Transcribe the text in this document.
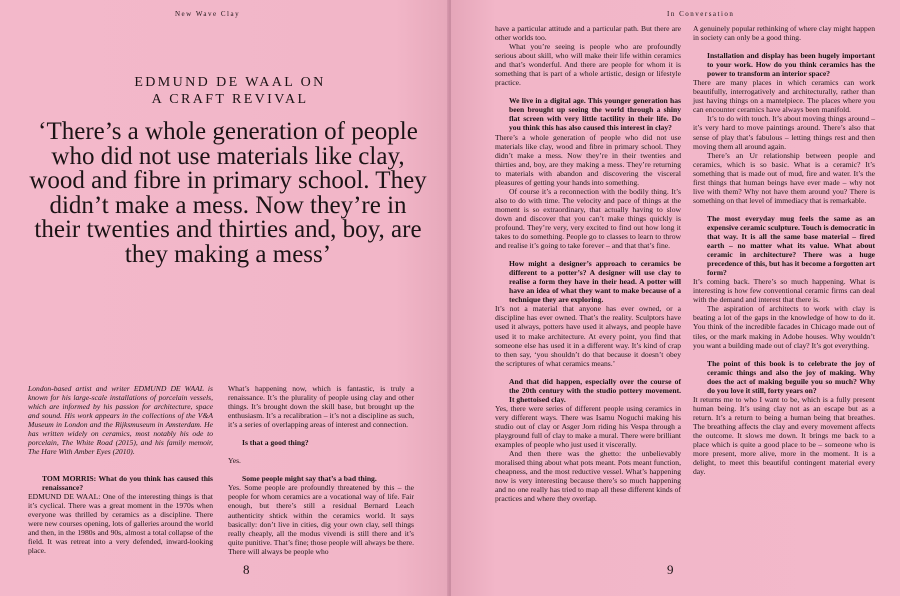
New Wave Clay
EDMUND DE WAAL ON
A CRAFT REVIVAL
‘There’s a whole generation of people who did not use materials like clay, wood and fibre in primary school. They didn’t make a mess. Now they’re in their twenties and thirties and, boy, are they making a mess’
London-based artist and writer EDMUND DE WAAL is known for his large-scale installations of porcelain vessels, which are informed by his passion for architecture, space and sound. His work appears in the collections of the V&A Museum in London and the Rijksmuseum in Amsterdam. He has written widely on ceramics, most notably his ode to porcelain, The White Road (2015), and his family memoir, The Hare With Amber Eyes (2010).

TOM MORRIS: What do you think has caused this renaissance?

EDMUND DE WAAL: One of the interesting things is that it’s cyclical. There was a great moment in the 1970s when everyone was thrilled by ceramics as a discipline. There were new courses opening, lots of galleries around the world and then, in the 1980s and 90s, almost a total collapse of the field. It was retreat into a very defended, inward-looking place.

What’s happening now, which is fantastic, is truly a renaissance. It’s the plurality of people using clay and other things. It’s brought down the skill base, but brought up the enthusiasm. It’s a recalibration – it’s not a discipline as such, it’s a series of overlapping areas of interest and connection.

Is that a good thing?

Yes.

Some people might say that’s a bad thing.

Yes. Some people are profoundly threatened by this – the people for whom ceramics are a vocational way of life. Fair enough, but there’s still a residual Bernard Leach authenticity shtick within the ceramics world. It says basically: don’t live in cities, dig your own clay, sell things really cheaply, all the modus vivendi is still there and it’s quite punitive. That’s fine; those people will always be there. There will always be people who

8
In Conversation

have a particular attitude and a particular path. But there are other worlds too.

What you’re seeing is people who are profoundly serious about skill, who will make their life within ceramics and that’s wonderful. And there are people for whom it is something that is part of a whole artistic, design or lifestyle practice.

We live in a digital age. This younger generation has been brought up seeing the world through a shiny flat screen with very little tactility in their life. Do you think this has also caused this interest in clay?

There’s a whole generation of people who did not use materials like clay, wood and fibre in primary school. They didn’t make a mess. Now they’re in their twenties and thirties and, boy, are they making a mess. They’re returning to materials with abandon and discovering the visceral pleasures of getting your hands into something.

Of course it’s a reconnection with the bodily thing. It’s also to do with time. The velocity and pace of things at the moment is so extraordinary, that actually having to slow down and discover that you can’t make things quickly is profound. They’re very, very excited to find out how long it takes to do something. People go to classes to learn to throw and realise it’s going to take forever – and that that’s fine.

How might a designer’s approach to ceramics be different to a potter’s? A designer will use clay to realise a form they have in their head. A potter will have an idea of what they want to make because of a technique they are exploring.

It’s not a material that anyone has ever owned, or a discipline has ever owned. That’s the reality. Sculptors have used it always, potters have used it always, and people have used it to make architecture. At every point, you find that someone else has used it in a different way. It’s kind of crap to then say, ‘you shouldn’t do that because it doesn’t obey the scriptures of what ceramics means.’

And that did happen, especially over the course of the 20th century with the studio pottery movement. It ghettoised clay.

Yes, there were series of different people using ceramics in very different ways. There was Isamu Noguchi making his studio out of clay or Asger Jorn riding his Vespa through a playground full of clay to make a mural. There were brilliant examples of people who just used it viscerally.

And then there was the ghetto: the unbelievably moralised thing about what pots meant. Pots meant function, cheapness, and the most reductive vessel. What’s happening now is very interesting because there’s so much happening and no one really has tried to map all these different kinds of practices and where they overlap.

A genuinely popular rethinking of where clay might happen in society can only be a good thing.

Installation and display has been hugely important to your work. How do you think ceramics has the power to transform an interior space?

There are many places in which ceramics can work beautifully, interrogatively and architecturally, rather than just having things on a mantelpiece. The places where you can encounter ceramics have always been manifold.

It’s to do with touch. It’s about moving things around – it’s very hard to move paintings around. There’s also that sense of play that’s fabulous – letting things rest and then moving them all around again.

There’s an Ur relationship between people and ceramics, which is so basic. What is a ceramic? It’s something that is made out of mud, fire and water. It’s the first things that human beings have ever made – why not live with them? Why not have them around you? There is something on that level of immediacy that is remarkable.

The most everyday mug feels the same as an expensive ceramic sculpture. Touch is democratic in that way. It is all the same base material – fired earth – no matter what its value. What about ceramic in architecture? There was a huge precedence of this, but has it become a forgotten art form?

It’s coming back. There’s so much happening. What is interesting is how few conventional ceramic firms can deal with the demand and interest that there is.

The aspiration of architects to work with clay is beating a lot of the gaps in the knowledge of how to do it. You think of the incredible facades in Chicago made out of tiles, or the mark making in Adobe houses. Why wouldn’t you want a building made out of clay? It’s got everything.

The point of this book is to celebrate the joy of ceramic things and also the joy of making. Why does the act of making beguile you so much? Why do you love it still, forty years on?

It returns me to who I want to be, which is a fully present human being. It’s using clay not as an escape but as a return. It’s a return to being a human being that breathes. The breathing affects the clay and every movement affects the outcome. It slows me down. It brings me back to a place which is quite a good place to be – someone who is more present, more alive, more in the moment. It is a delight, to meet this beautiful contingent material every day.

9
